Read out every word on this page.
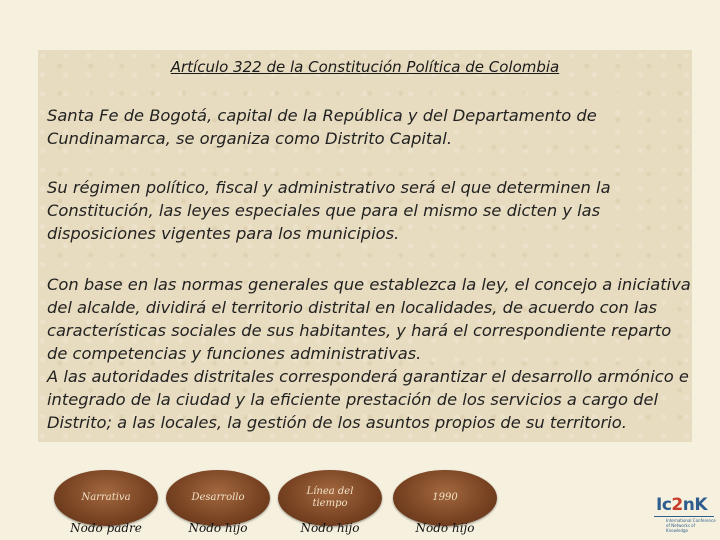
Artículo 322 de la Constitución Política de Colombia

Santa Fe de Bogotá, capital de la República y del Departamento de Cundinamarca, se organiza como Distrito Capital.

Su régimen político, fiscal y administrativo será el que determinen la Constitución, las leyes especiales que para el mismo se dicten y las disposiciones vigentes para los municipios.

Con base en las normas generales que establezca la ley, el concejo a iniciativa del alcalde, dividirá el territorio distrital en localidades, de acuerdo con las características sociales de sus habitantes, y hará el correspondiente reparto de competencias y funciones administrativas.
A las autoridades distritales corresponderá garantizar el desarrollo armónico e integrado de la ciudad y la eficiente prestación de los servicios a cargo del Distrito; a las locales, la gestión de los asuntos propios de su territorio.

Narrativa
Nodo padre
Desarrollo
Nodo hijo
Línea del tiempo
Nodo hijo
1990
Nodo hijo
Ic2nK
International Conference
of Networks of Knowledge
